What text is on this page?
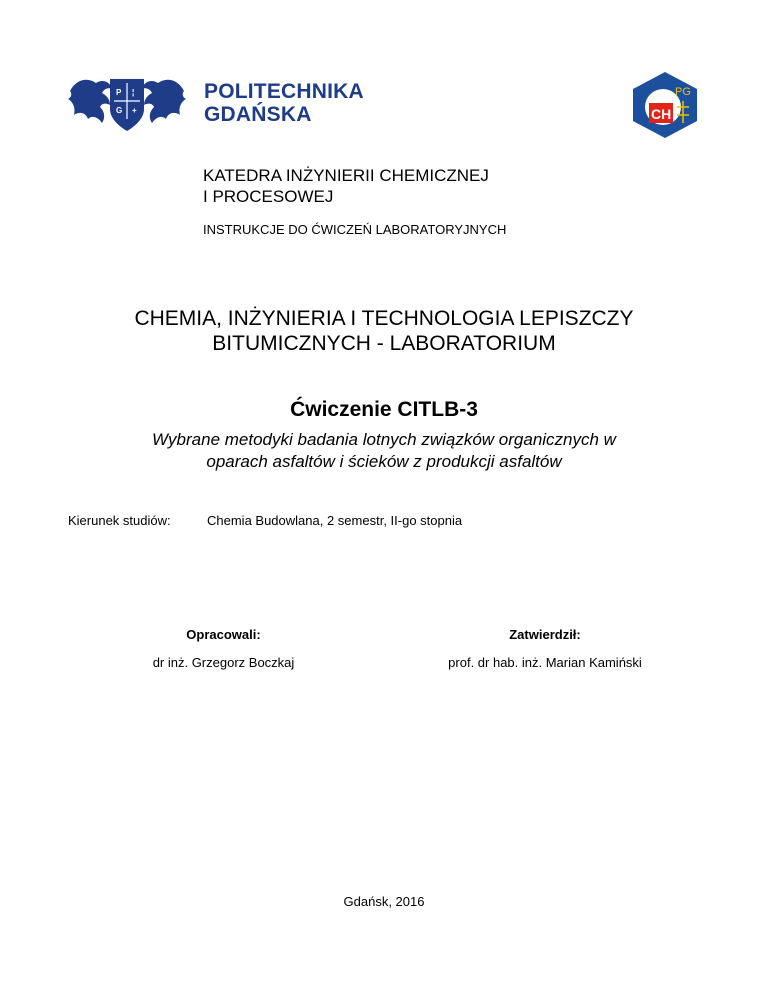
P
G
¦
+
POLITECHNIKA
GDAŃSKA	CH
PG
KATEDRA INŻYNIERII CHEMICZNEJ
I PROCESOWEJ
INSTRUKCJE DO ĆWICZEŃ LABORATORYJNYCH
CHEMIA, INŻYNIERIA I TECHNOLOGIA LEPISZCZY
BITUMICZNYCH - LABORATORIUM
Ćwiczenie CITLB-3
Wybrane metodyki badania lotnych związków organicznych w
oparach asfaltów i ścieków z produkcji asfaltów
Kierunek studiów:	Chemia Budowlana, 2 semestr, II-go stopnia
Opracowali:
dr inż. Grzegorz Boczkaj
Zatwierdził:
prof. dr hab. inż. Marian Kamiński
Gdańsk, 2016
